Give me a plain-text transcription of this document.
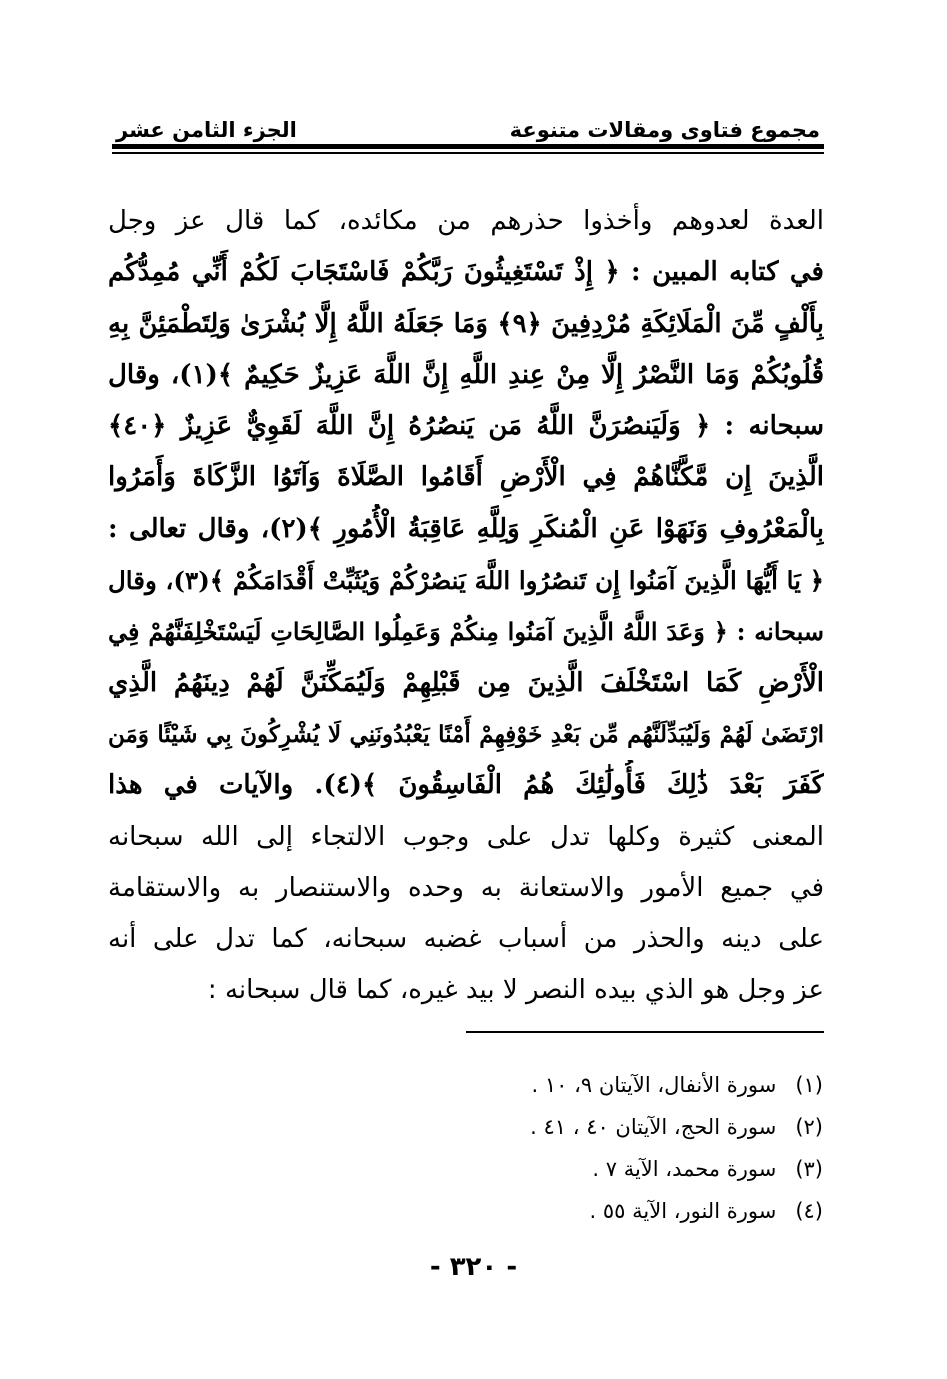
مجموع فتاوى ومقالات متنوعة
الجزء الثامن عشر
العدة لعدوهم وأخذوا حذرهم من مكائده، كما قال عز وجل
في كتابه المبين : ﴿ إِذْ تَسْتَغِيثُونَ رَبَّكُمْ فَاسْتَجَابَ لَكُمْ أَنِّي مُمِدُّكُم
بِأَلْفٍ مِّنَ الْمَلَائِكَةِ مُرْدِفِينَ ﴿٩﴾ وَمَا جَعَلَهُ اللَّهُ إِلَّا بُشْرَىٰ وَلِتَطْمَئِنَّ بِهِ
قُلُوبُكُمْ وَمَا النَّصْرُ إِلَّا مِنْ عِندِ اللَّهِ إِنَّ اللَّهَ عَزِيزٌ حَكِيمٌ ﴾(١)، وقال
سبحانه : ﴿ وَلَيَنصُرَنَّ اللَّهُ مَن يَنصُرُهُ إِنَّ اللَّهَ لَقَوِيٌّ عَزِيزٌ ﴿٤٠﴾
الَّذِينَ إِن مَّكَّنَّاهُمْ فِي الْأَرْضِ أَقَامُوا الصَّلَاةَ وَآتَوُا الزَّكَاةَ وَأَمَرُوا
بِالْمَعْرُوفِ وَنَهَوْا عَنِ الْمُنكَرِ وَلِلَّهِ عَاقِبَةُ الْأُمُورِ ﴾(٢)، وقال تعالى :
﴿ يَا أَيُّهَا الَّذِينَ آمَنُوا إِن تَنصُرُوا اللَّهَ يَنصُرْكُمْ وَيُثَبِّتْ أَقْدَامَكُمْ ﴾(٣)، وقال
سبحانه : ﴿ وَعَدَ اللَّهُ الَّذِينَ آمَنُوا مِنكُمْ وَعَمِلُوا الصَّالِحَاتِ لَيَسْتَخْلِفَنَّهُمْ فِي
الْأَرْضِ كَمَا اسْتَخْلَفَ الَّذِينَ مِن قَبْلِهِمْ وَلَيُمَكِّنَنَّ لَهُمْ دِينَهُمُ الَّذِي
ارْتَضَىٰ لَهُمْ وَلَيُبَدِّلَنَّهُم مِّن بَعْدِ خَوْفِهِمْ أَمْنًا يَعْبُدُونَنِي لَا يُشْرِكُونَ بِي شَيْئًا وَمَن
كَفَرَ بَعْدَ ذَٰلِكَ فَأُولَٰئِكَ هُمُ الْفَاسِقُونَ ﴾(٤). والآيات في هذا
المعنى كثيرة وكلها تدل على وجوب الالتجاء إلى الله سبحانه
في جميع الأمور والاستعانة به وحده والاستنصار به والاستقامة
على دينه والحذر من أسباب غضبه سبحانه، كما تدل على أنه
عز وجل هو الذي بيده النصر لا بيد غيره، كما قال سبحانه :
(١) سورة الأنفال، الآيتان ٩، ١٠ .
(٢) سورة الحج، الآيتان ٤٠ ، ٤١ .
(٣) سورة محمد، الآية ٧ .
(٤) سورة النور، الآية ٥٥ .
- ٣٢٠ -
